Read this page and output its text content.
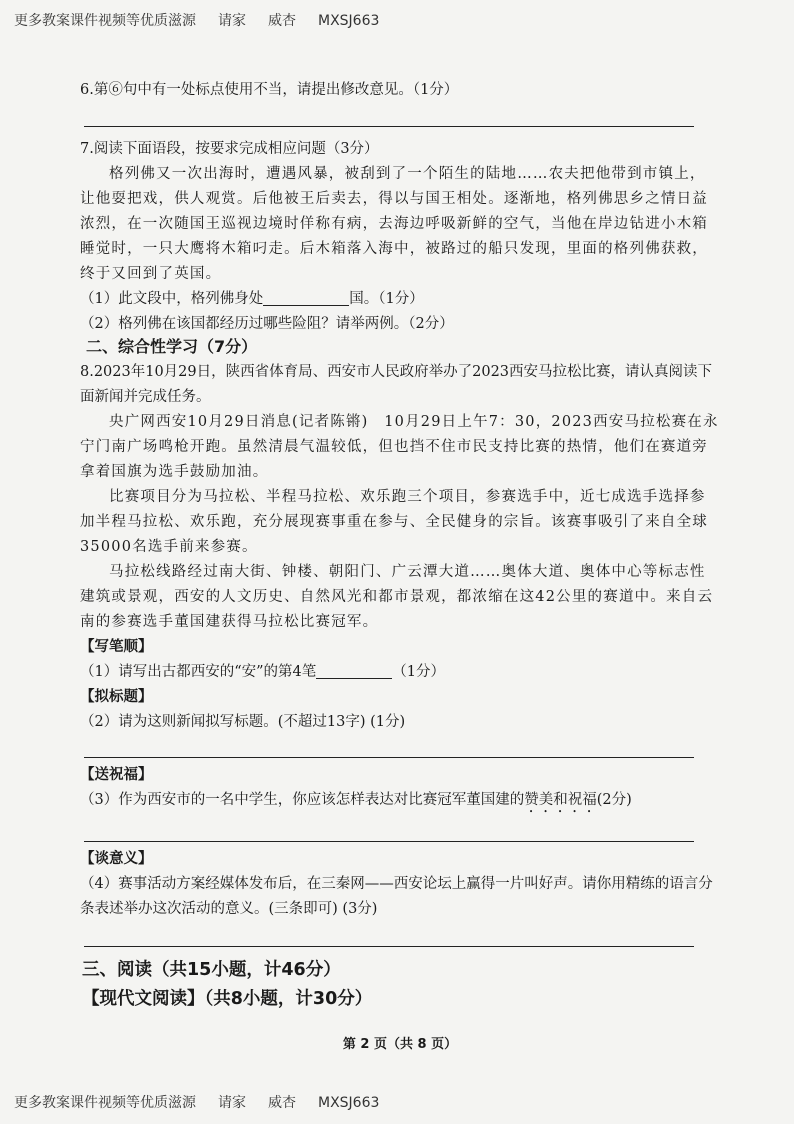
更多教案课件视频等优质滋源 请家 威杏 MXSJ663

6.第⑥句中有一处标点使用不当，请提出修改意见。（1分）

7.阅读下面语段，按要求完成相应问题（3分）

格列佛又一次出海时，遭遇风暴，被刮到了一个陌生的陆地……农夫把他带到市镇上，让他耍把戏，供人观赏。后他被王后卖去，得以与国王相处。逐渐地，格列佛思乡之情日益浓烈，在一次随国王巡视边境时佯称有病，去海边呼吸新鲜的空气，当他在岸边钻进小木箱睡觉时，一只大鹰将木箱叼走。后木箱落入海中，被路过的船只发现，里面的格列佛获救，终于又回到了英国。

（1）此文段中，格列佛身处	国。（1分）

（2）格列佛在该国都经历过哪些险阻？请举两例。（2分）

二、综合性学习（7分）

8.2023年10月29日，陕西省体育局、西安市人民政府举办了2023西安马拉松比赛，请认真阅读下面新闻并完成任务。

央广网西安10月29日消息(记者陈锵)　10月29日上午7：30，2023西安马拉松赛在永宁门南广场鸣枪开跑。虽然清晨气温较低，但也挡不住市民支持比赛的热情，他们在赛道旁拿着国旗为选手鼓励加油。

比赛项目分为马拉松、半程马拉松、欢乐跑三个项目，参赛选手中，近七成选手选择参加半程马拉松、欢乐跑，充分展现赛事重在参与、全民健身的宗旨。该赛事吸引了来自全球35000名选手前来参赛。

马拉松线路经过南大街、钟楼、朝阳门、广云潭大道……奥体大道、奥体中心等标志性建筑或景观，西安的人文历史、自然风光和都市景观，都浓缩在这42公里的赛道中。来自云南的参赛选手董国建获得马拉松比赛冠军。

【写笔顺】

（1）请写出古都西安的“安”的第4笔	（1分）

【拟标题】

（2）请为这则新闻拟写标题。(不超过13字) (1分)

【送祝福】

（3）作为西安市的一名中学生，你应该怎样表达对比赛冠军董国建的赞美和祝福(2分)

【谈意义】

（4）赛事活动方案经媒体发布后，在三秦网——西安论坛上赢得一片叫好声。请你用精练的语言分条表述举办这次活动的意义。(三条即可) (3分)

三、阅读（共15小题，计46分）

【现代文阅读】（共8小题，计30分）

第 2 页（共 8 页）
更多教案课件视频等优质滋源 请家 威杏 MXSJ663
